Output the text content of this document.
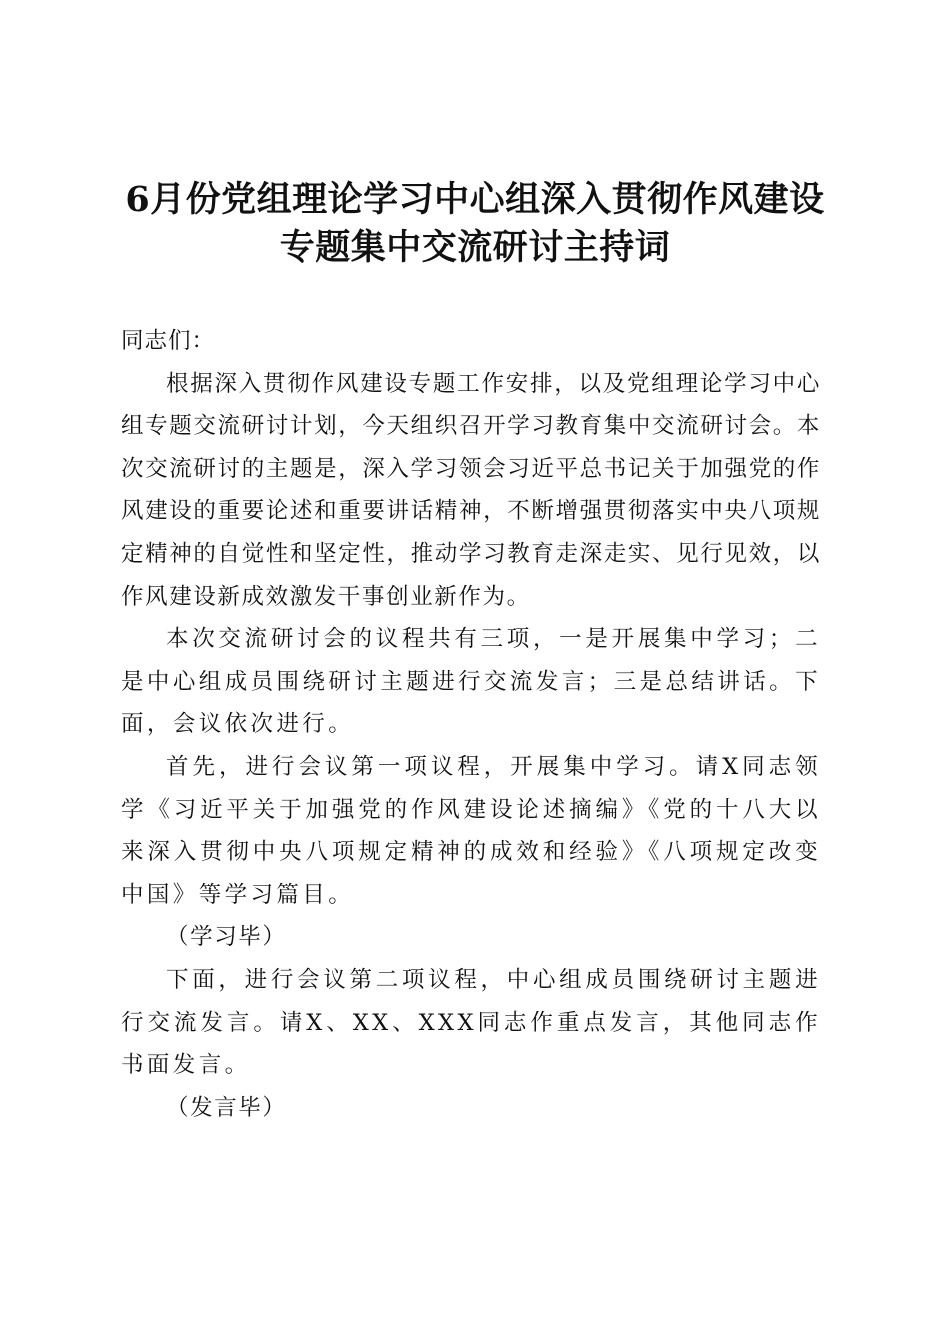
6月份党组理论学习中心组深入贯彻作风建设
专题集中交流研讨主持词

同志们：

根据深入贯彻作风建设专题工作安排，以及党组理论学习中心组专题交流研讨计划，今天组织召开学习教育集中交流研讨会。本次交流研讨的主题是，深入学习领会习近平总书记关于加强党的作风建设的重要论述和重要讲话精神，不断增强贯彻落实中央八项规定精神的自觉性和坚定性，推动学习教育走深走实、见行见效，以作风建设新成效激发干事创业新作为。

本次交流研讨会的议程共有三项，一是开展集中学习；二是中心组成员围绕研讨主题进行交流发言；三是总结讲话。下面，会议依次进行。

首先，进行会议第一项议程，开展集中学习。请X同志领学《习近平关于加强党的作风建设论述摘编》《党的十八大以来深入贯彻中央八项规定精神的成效和经验》《八项规定改变中国》等学习篇目。

（学习毕）

下面，进行会议第二项议程，中心组成员围绕研讨主题进行交流发言。请X、XX、XXX同志作重点发言，其他同志作书面发言。

（发言毕）
